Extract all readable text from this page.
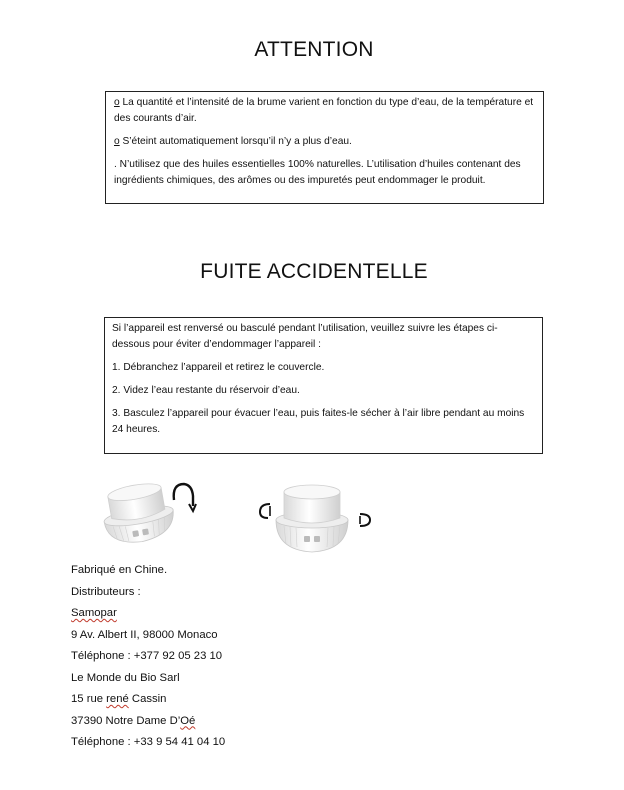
ATTENTION

o La quantité et l’intensité de la brume varient en fonction du type d’eau, de la température et des courants d’air.

o S’éteint automatiquement lorsqu’il n’y a plus d’eau.

. N’utilisez que des huiles essentielles 100% naturelles. L’utilisation d’huiles contenant des ingrédients chimiques, des arômes ou des impuretés peut endommager le produit.

FUITE ACCIDENTELLE

Si l’appareil est renversé ou basculé pendant l’utilisation, veuillez suivre les étapes ci-dessous pour éviter d’endommager l’appareil :

1. Débranchez l’appareil et retirez le couvercle.

2. Videz l’eau restante du réservoir d’eau.

3. Basculez l’appareil pour évacuer l’eau, puis faites-le sécher à l’air libre pendant au moins 24 heures.

Fabriqué en Chine.
Distributeurs :
Samopar
9 Av. Albert II, 98000 Monaco
Téléphone : +377 92 05 23 10
Le Monde du Bio Sarl
15 rue rené Cassin
37390 Notre Dame D’Oé
Téléphone : +33 9 54 41 04 10
